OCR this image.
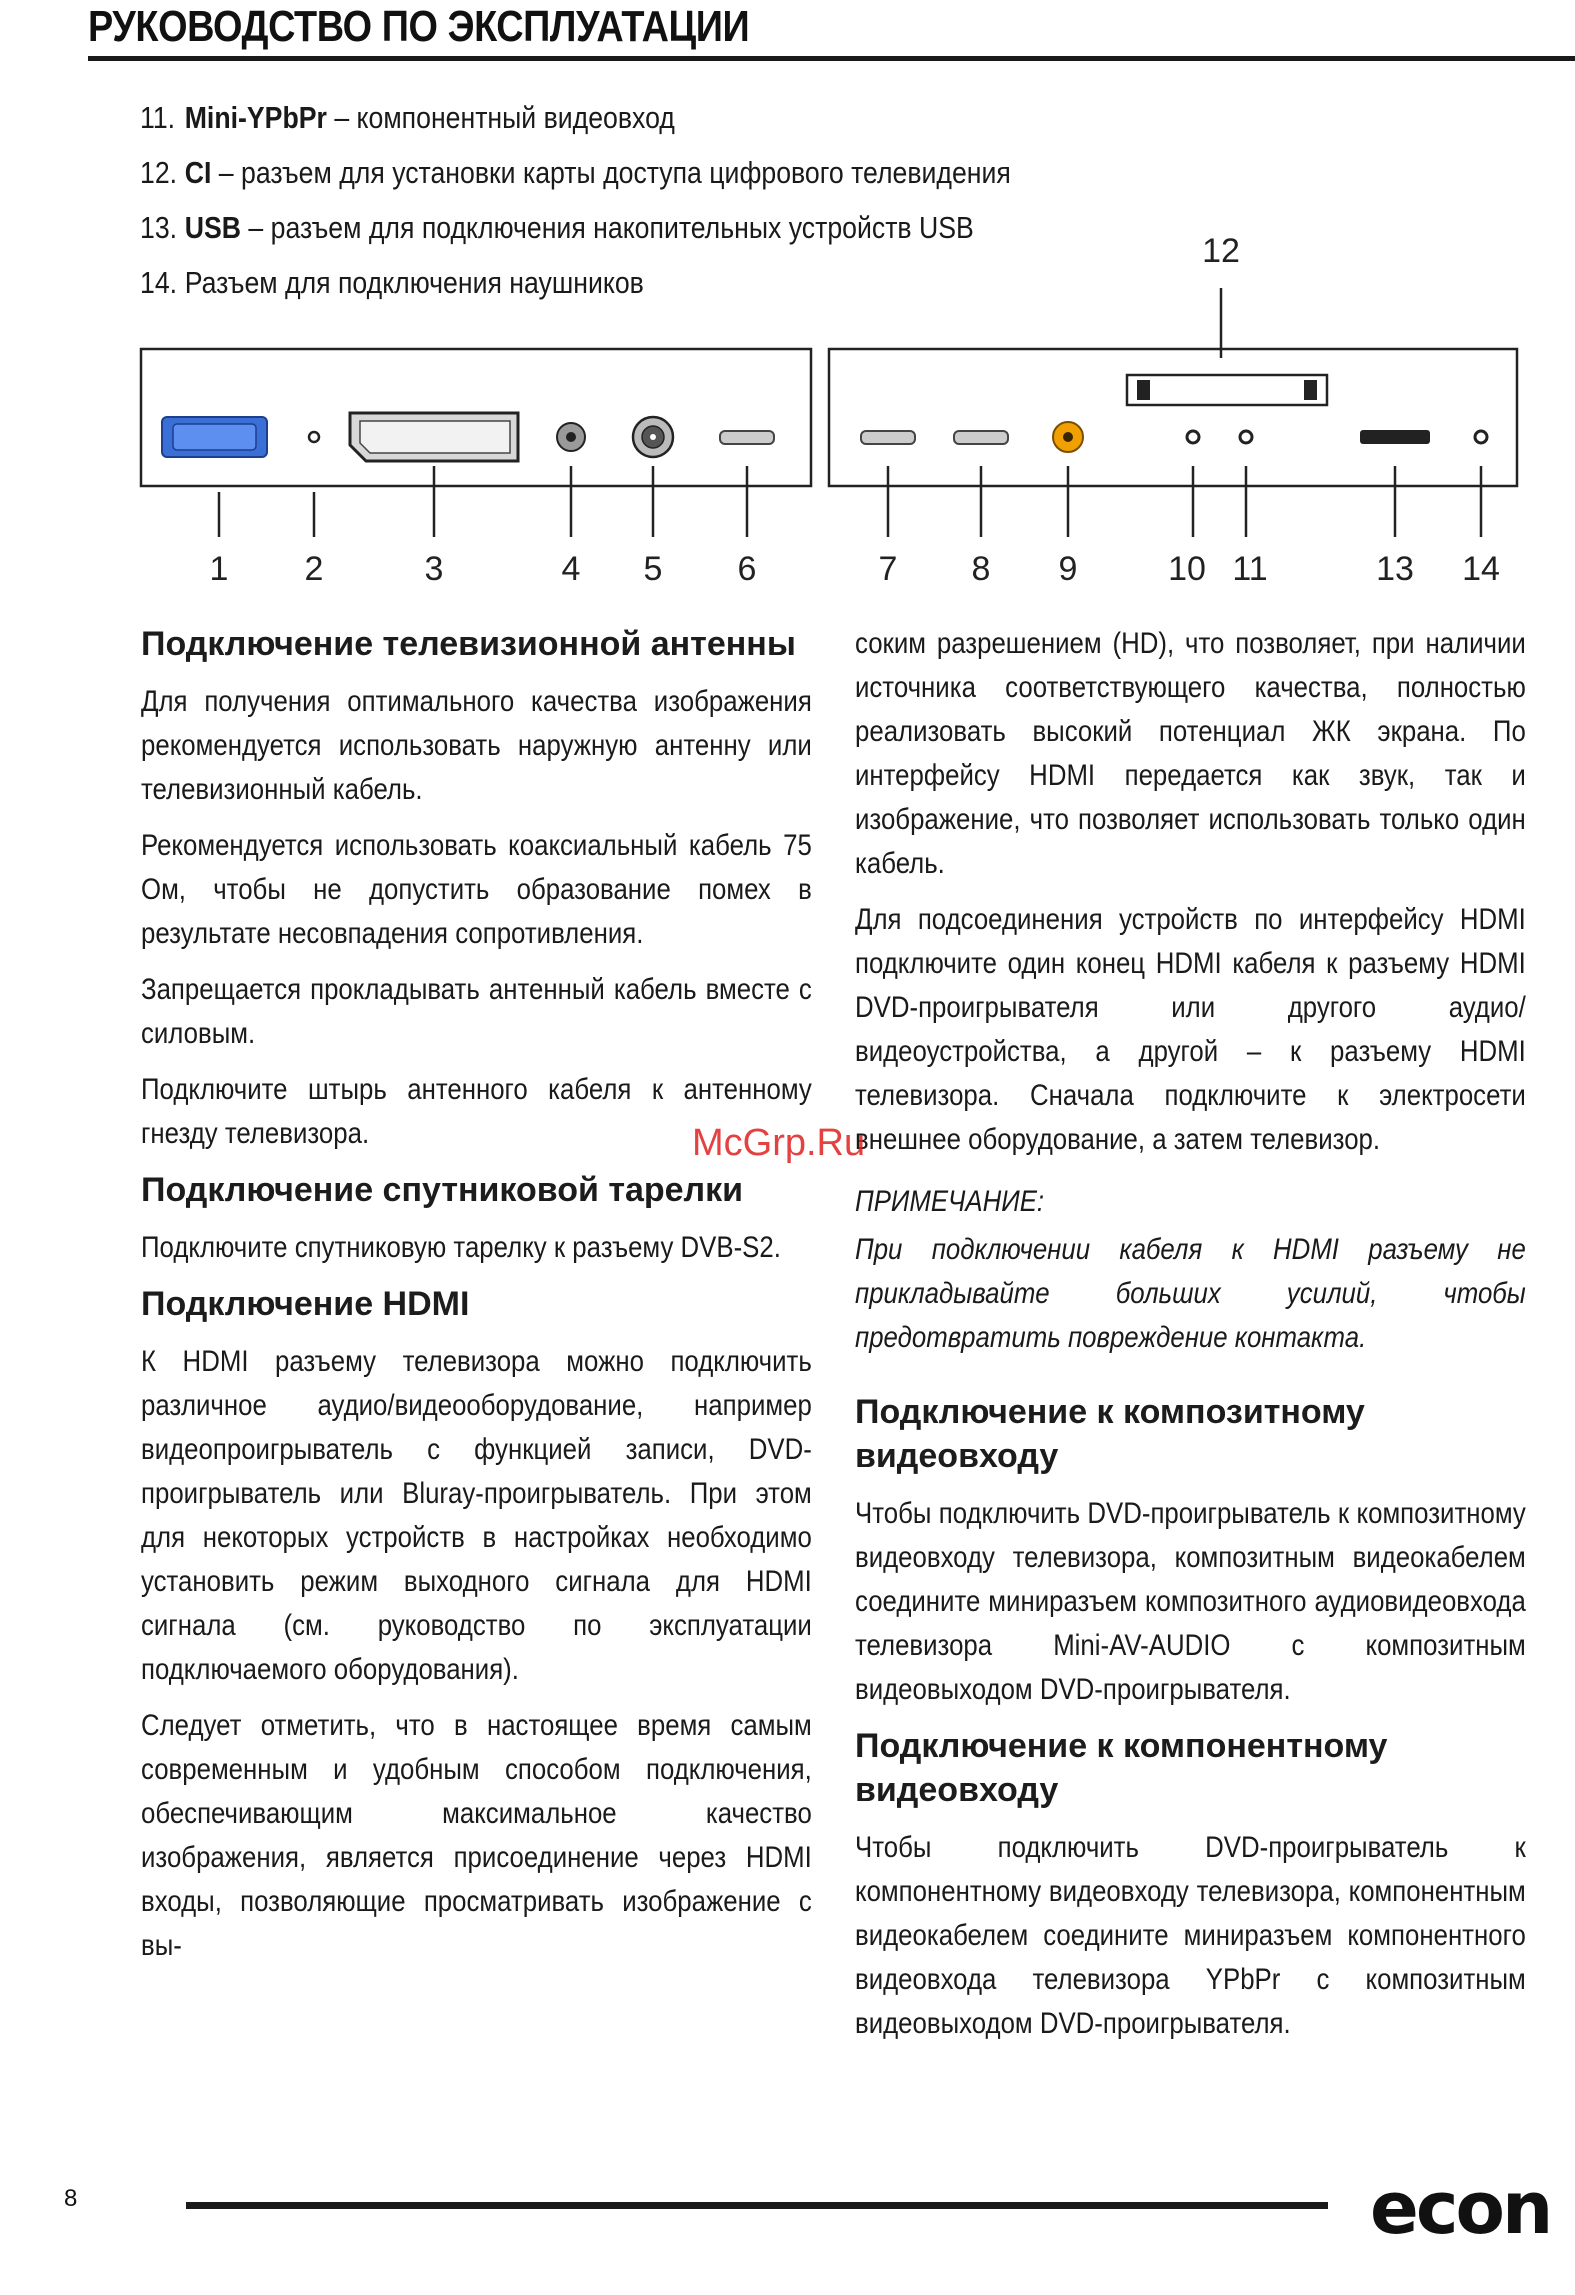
РУКОВОДСТВО ПО ЭКСПЛУАТАЦИИ
11. Mini-YPbPr – компонентный видеовход
12. CI – разъем для установки карты доступа цифрового телевидения
13. USB – разъем для подключения накопительных устройств USB
14. Разъем для подключения наушников
1 2	3	4 5 6	7 8 9	10 11
12
13 14
Подключение телевизионной антенны

Для получения оптимального качества изображения рекомендуется использовать наружную антенну или телевизионный кабель.

Рекомендуется использовать коаксиальный кабель 75 Ом, чтобы не допустить образование помех в результате несовпадения сопротивления.

Запрещается прокладывать антенный кабель вместе с силовым.

Подключите штырь антенного кабеля к антенному гнезду телевизора.

Подключение спутниковой тарелки

Подключите спутниковую тарелку к разъему DVB-S2.

Подключение HDMI

К HDMI разъему телевизора можно подключить различное аудио/видеооборудование, например видеопроигрыватель с функцией записи, DVD-проигрыватель или Bluray-проигрыватель. При этом для некоторых устройств в настройках необходимо установить режим выходного сигнала для HDMI сигнала (см. руководство по эксплуатации подключаемого оборудования).

Следует отметить, что в настоящее время самым современным и удобным способом подключения, обеспечивающим максимальное качество изображения, является присоединение через HDMI входы, позволяющие просматривать изображение с вы-

соким разрешением (HD), что позволяет, при наличии источника соответствующего качества, полностью реализовать высокий потенциал ЖК экрана. По интерфейсу HDMI передается как звук, так и изображение, что позволяет использовать только один кабель.

Для подсоединения устройств по интерфейсу HDMI подключите один конец HDMI кабеля к разъему HDMI DVD-проигрывателя или другого аудио/видеоустройства, а другой – к разъему HDMI телевизора. Сначала подключите к электросети внешнее оборудование, а затем телевизор.

ПРИМЕЧАНИЕ:
При подключении кабеля к HDMI разъему не прикладывайте больших усилий, чтобы предотвратить повреждение контакта.
Подключение к композитному видеовходу

Чтобы подключить DVD-проигрыватель к композитному видеовходу телевизора, композитным видеокабелем соедините миниразъем композитного аудиовидеовхода телевизора Mini-AV-AUDIO с композитным видеовыходом DVD-проигрывателя.

Подключение к компонентному видеовходу

Чтобы подключить DVD-проигрыватель к компонентному видеовходу телевизора, компонентным видеокабелем соедините миниразъем компонентного видеовхода телевизора YPbPr с композитным видеовыходом DVD-проигрывателя.

McGrp.Ru
8	econ
